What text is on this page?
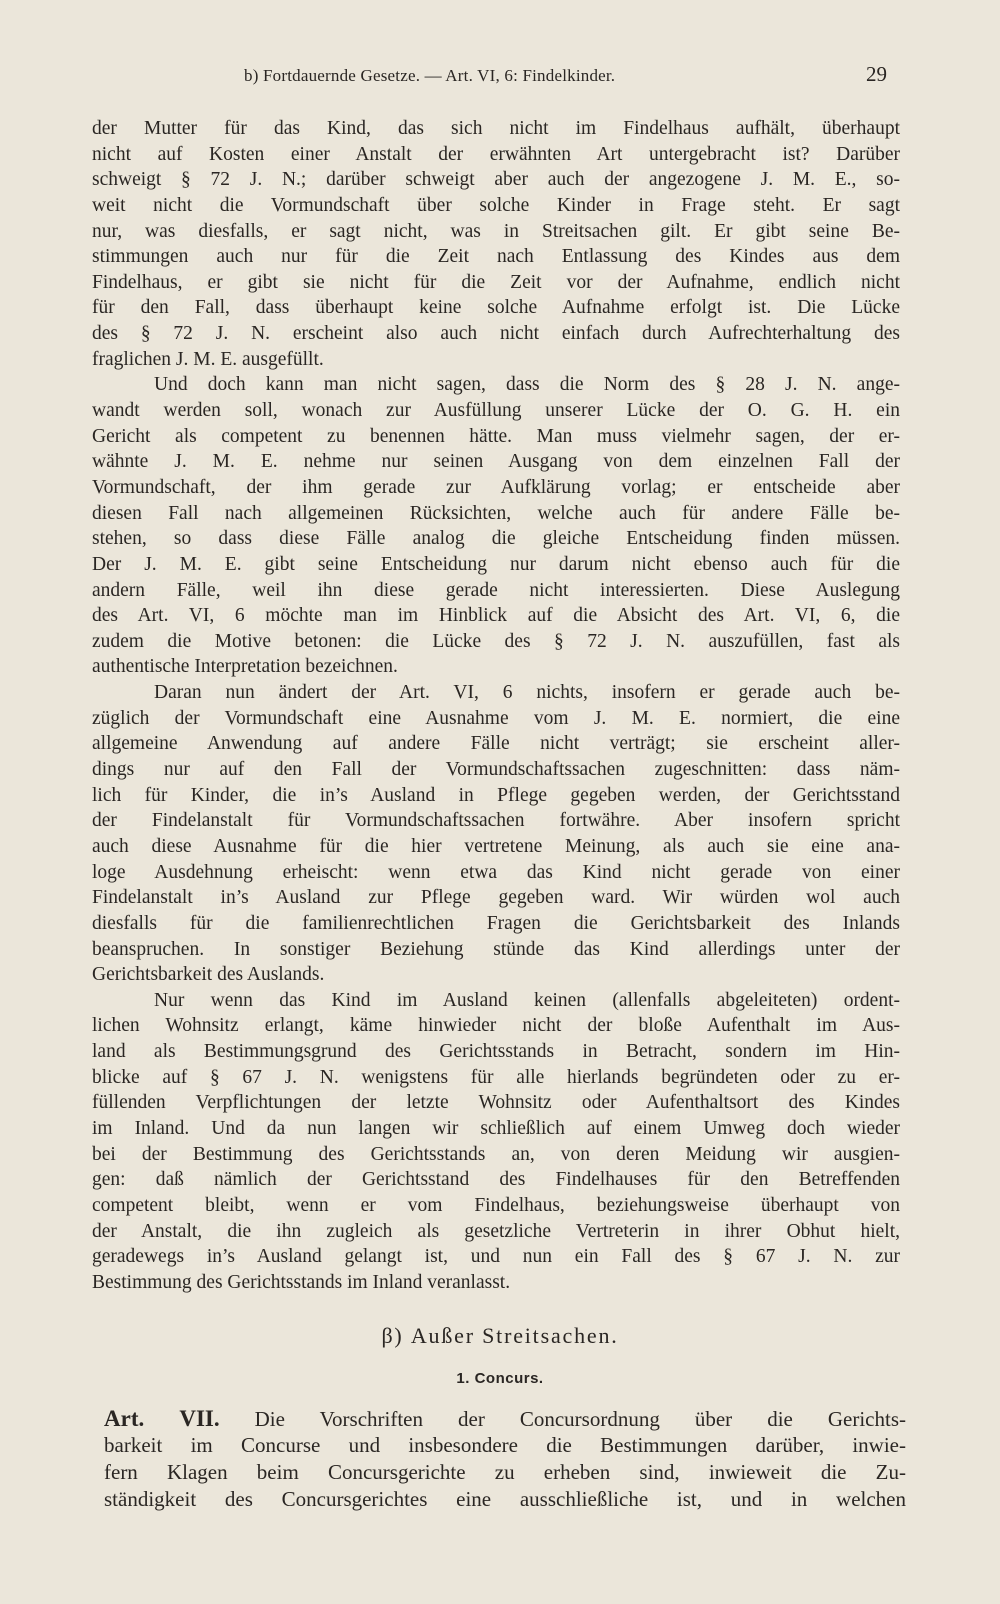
b) Fortdauernde Gesetze. — Art. VI, 6: Findelkinder.	29
der Mutter für das Kind, das sich nicht im Findelhaus aufhält, überhaupt
nicht auf Kosten einer Anstalt der erwähnten Art untergebracht ist? Darüber
schweigt § 72 J. N.; darüber schweigt aber auch der angezogene J. M. E., so-
weit nicht die Vormundschaft über solche Kinder in Frage steht. Er sagt
nur, was diesfalls, er sagt nicht, was in Streitsachen gilt. Er gibt seine Be-
stimmungen auch nur für die Zeit nach Entlassung des Kindes aus dem
Findelhaus, er gibt sie nicht für die Zeit vor der Aufnahme, endlich nicht
für den Fall, dass überhaupt keine solche Aufnahme erfolgt ist. Die Lücke
des § 72 J. N. erscheint also auch nicht einfach durch Aufrechterhaltung des
fraglichen J. M. E. ausgefüllt.
Und doch kann man nicht sagen, dass die Norm des § 28 J. N. ange-
wandt werden soll, wonach zur Ausfüllung unserer Lücke der O. G. H. ein
Gericht als competent zu benennen hätte. Man muss vielmehr sagen, der er-
wähnte J. M. E. nehme nur seinen Ausgang von dem einzelnen Fall der
Vormundschaft, der ihm gerade zur Aufklärung vorlag; er entscheide aber
diesen Fall nach allgemeinen Rücksichten, welche auch für andere Fälle be-
stehen, so dass diese Fälle analog die gleiche Entscheidung finden müssen.
Der J. M. E. gibt seine Entscheidung nur darum nicht ebenso auch für die
andern Fälle, weil ihn diese gerade nicht interessierten. Diese Auslegung
des Art. VI, 6 möchte man im Hinblick auf die Absicht des Art. VI, 6, die
zudem die Motive betonen: die Lücke des § 72 J. N. auszufüllen, fast als
authentische Interpretation bezeichnen.
Daran nun ändert der Art. VI, 6 nichts, insofern er gerade auch be-
züglich der Vormundschaft eine Ausnahme vom J. M. E. normiert, die eine
allgemeine Anwendung auf andere Fälle nicht verträgt; sie erscheint aller-
dings nur auf den Fall der Vormundschaftssachen zugeschnitten: dass näm-
lich für Kinder, die in’s Ausland in Pflege gegeben werden, der Gerichtsstand
der Findelanstalt für Vormundschaftssachen fortwähre. Aber insofern spricht
auch diese Ausnahme für die hier vertretene Meinung, als auch sie eine ana-
loge Ausdehnung erheischt: wenn etwa das Kind nicht gerade von einer
Findelanstalt in’s Ausland zur Pflege gegeben ward. Wir würden wol auch
diesfalls für die familienrechtlichen Fragen die Gerichtsbarkeit des Inlands
beanspruchen. In sonstiger Beziehung stünde das Kind allerdings unter der
Gerichtsbarkeit des Auslands.
Nur wenn das Kind im Ausland keinen (allenfalls abgeleiteten) ordent-
lichen Wohnsitz erlangt, käme hinwieder nicht der bloße Aufenthalt im Aus-
land als Bestimmungsgrund des Gerichtsstands in Betracht, sondern im Hin-
blicke auf § 67 J. N. wenigstens für alle hierlands begründeten oder zu er-
füllenden Verpflichtungen der letzte Wohnsitz oder Aufenthaltsort des Kindes
im Inland. Und da nun langen wir schließlich auf einem Umweg doch wieder
bei der Bestimmung des Gerichtsstands an, von deren Meidung wir ausgien-
gen: daß nämlich der Gerichtsstand des Findelhauses für den Betreffenden
competent bleibt, wenn er vom Findelhaus, beziehungsweise überhaupt von
der Anstalt, die ihn zugleich als gesetzliche Vertreterin in ihrer Obhut hielt,
geradewegs in’s Ausland gelangt ist, und nun ein Fall des § 67 J. N. zur
Bestimmung des Gerichtsstands im Inland veranlasst.
β) Außer Streitsachen.
1. Concurs.
Art. VII. Die Vorschriften der Concursordnung über die Gerichts-
barkeit im Concurse und insbesondere die Bestimmungen darüber, inwie-
fern Klagen beim Concursgerichte zu erheben sind, inwieweit die Zu-
ständigkeit des Concursgerichtes eine ausschließliche ist, und in welchen
